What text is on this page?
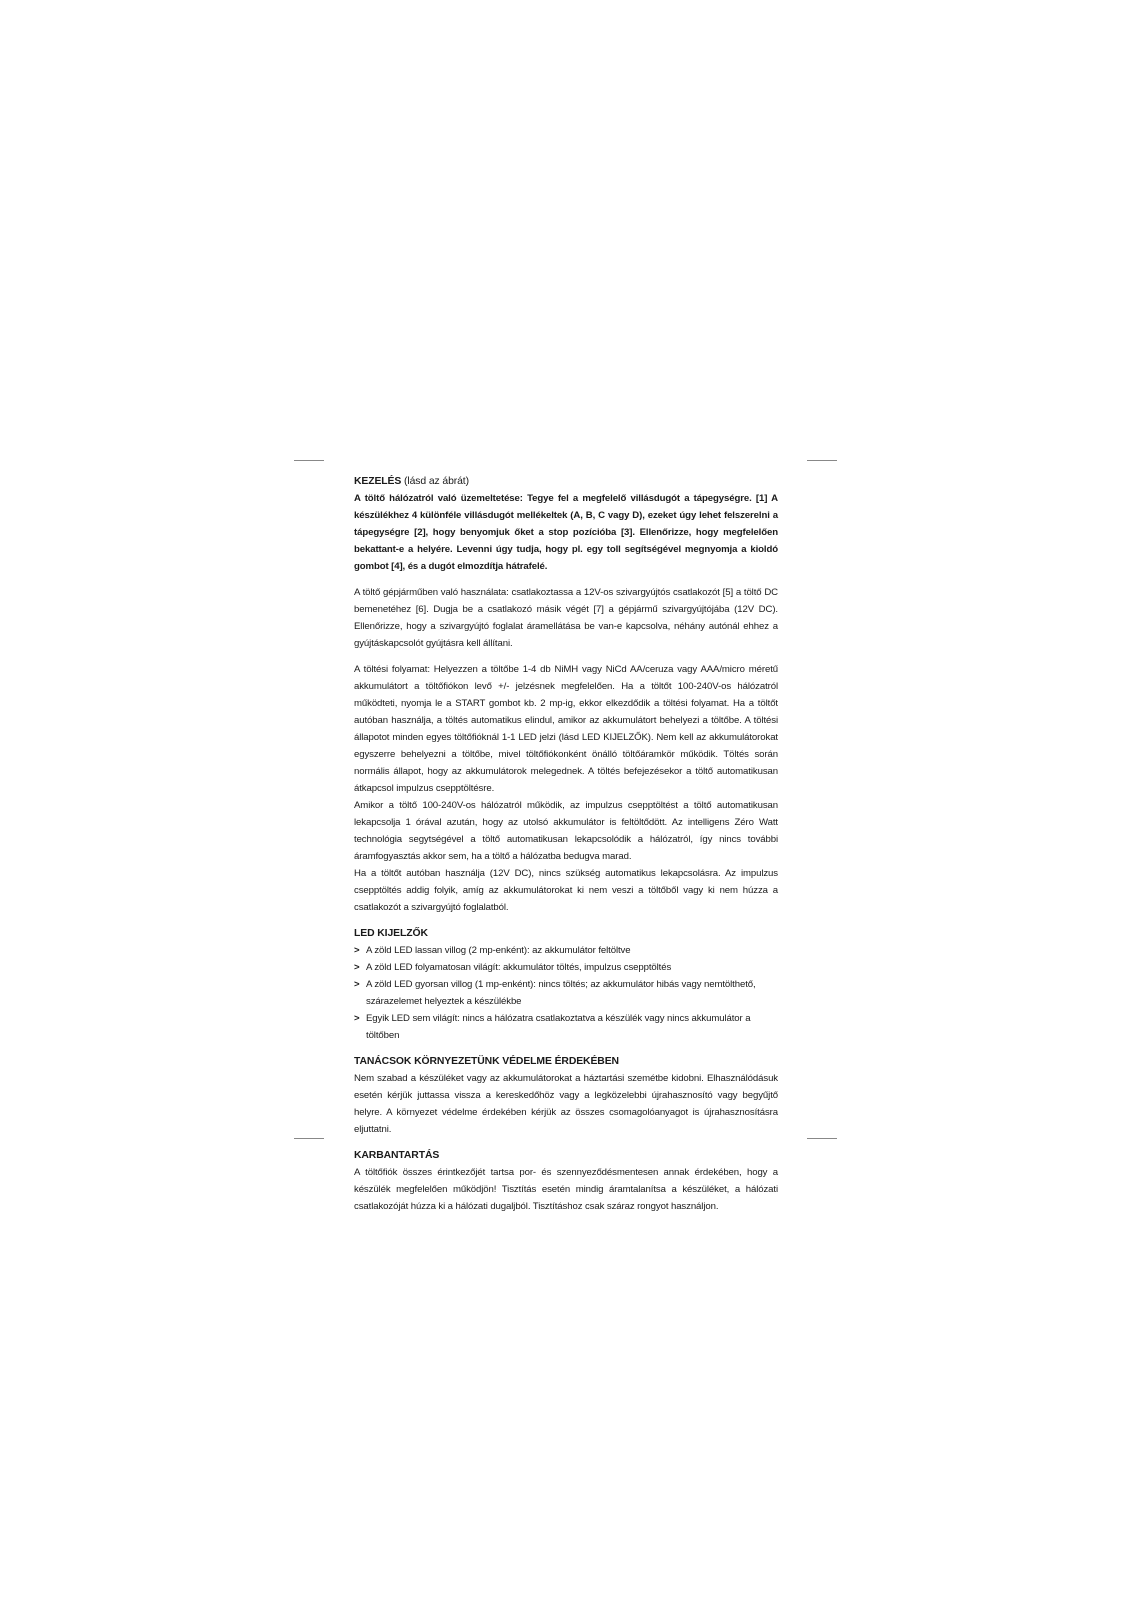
KEZELÉS (lásd az ábrát)

A töltő hálózatról való üzemeltetése: Tegye fel a megfelelő villásdugót a tápegységre. [1] A készülékhez 4 különféle villásdugót mellékeltek (A, B, C vagy D), ezeket úgy lehet felszerelni a tápegységre [2], hogy benyomjuk őket a stop pozícióba [3]. Ellenőrizze, hogy megfelelően bekattant-e a helyére. Levenni úgy tudja, hogy pl. egy toll segítségével megnyomja a kioldó gombot [4], és a dugót elmozdítja hátrafelé.

A töltő gépjárműben való használata: csatlakoztassa a 12V-os szivargyújtós csatlakozót [5] a töltő DC bemenetéhez [6]. Dugja be a csatlakozó másik végét [7] a gépjármű szivargyújtójába (12V DC). Ellenőrizze, hogy a szivargyújtó foglalat áramellátása be van-e kapcsolva, néhány autónál ehhez a gyújtáskapcsolót gyújtásra kell állítani.

A töltési folyamat: Helyezzen a töltőbe 1-4 db NiMH vagy NiCd AA/ceruza vagy AAA/micro méretű akkumulátort a töltőfiókon levő +/- jelzésnek megfelelően. Ha a töltőt 100-240V-os hálózatról működteti, nyomja le a START gombot kb. 2 mp-ig, ekkor elkezdődik a töltési folyamat. Ha a töltőt autóban használja, a töltés automatikus elindul, amikor az akkumulátort behelyezi a töltőbe. A töltési állapotot minden egyes töltőfióknál 1-1 LED jelzi (lásd LED KIJELZŐK). Nem kell az akkumulátorokat egyszerre behelyezni a töltőbe, mivel töltőfiókonként önálló töltőáramkör működik. Töltés során normális állapot, hogy az akkumulátorok melegednek. A töltés befejezésekor a töltő automatikusan átkapcsol impulzus csepptöltésre.

Amikor a töltő 100-240V-os hálózatról működik, az impulzus csepptöltést a töltő automatikusan lekapcsolja 1 órával azután, hogy az utolsó akkumulátor is feltöltődött. Az intelligens Zéro Watt technológia segytségével a töltő automatikusan lekapcsolódik a hálózatról, így nincs további áramfogyasztás akkor sem, ha a töltő a hálózatba bedugva marad.

Ha a töltőt autóban használja (12V DC), nincs szükség automatikus lekapcsolásra. Az impulzus csepptöltés addig folyik, amíg az akkumulátorokat ki nem veszi a töltőből vagy ki nem húzza a csatlakozót a szivargyújtó foglalatból.

LED KIJELZŐK
> A zöld LED lassan villog (2 mp-enként): az akkumulátor feltöltve
> A zöld LED folyamatosan világít: akkumulátor töltés, impulzus csepptöltés
> A zöld LED gyorsan villog (1 mp-enként): nincs töltés; az akkumulátor hibás vagy nemtölthető, szárazelemet helyeztek a készülékbe
> Egyik LED sem világít: nincs a hálózatra csatlakoztatva a készülék vagy nincs akkumulátor a töltőben
TANÁCSOK KÖRNYEZETÜNK VÉDELME ÉRDEKÉBEN

Nem szabad a készüléket vagy az akkumulátorokat a háztartási szemétbe kidobni. Elhasználódásuk esetén kérjük juttassa vissza a kereskedőhöz vagy a legközelebbi újrahasznosító vagy begyűjtő helyre. A környezet védelme érdekében kérjük az összes csomagolóanyagot is újrahasznosításra eljuttatni.

KARBANTARTÁS

A töltőfiók összes érintkezőjét tartsa por- és szennyeződésmentesen annak érdekében, hogy a készülék megfelelően működjön! Tisztítás esetén mindig áramtalanítsa a készüléket, a hálózati csatlakozóját húzza ki a hálózati dugaljból. Tisztításhoz csak száraz rongyot használjon.
